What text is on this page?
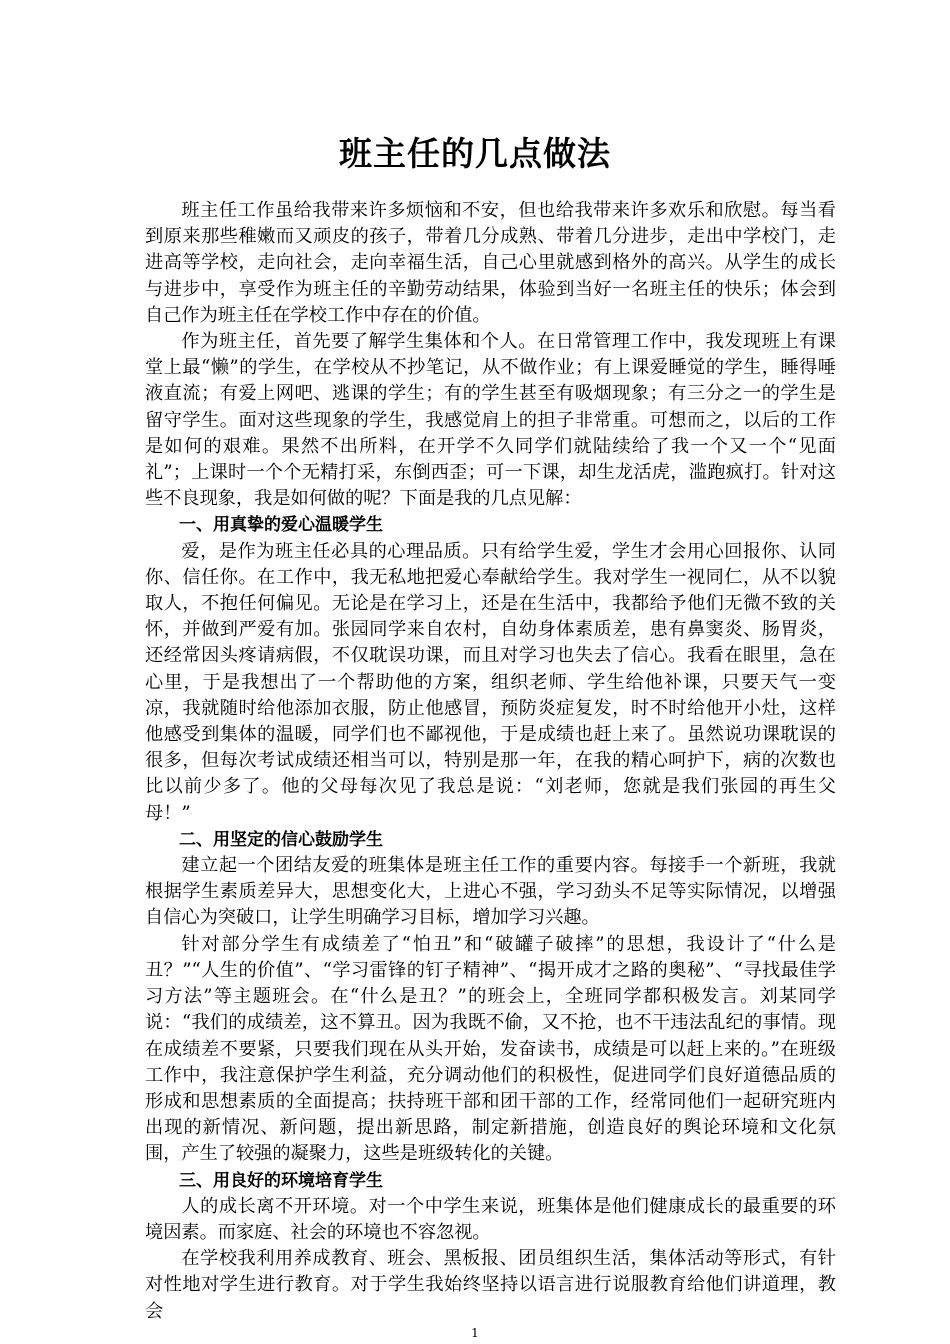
班主任的几点做法

班主任工作虽给我带来许多烦恼和不安，但也给我带来许多欢乐和欣慰。每当看到原来那些稚嫩而又顽皮的孩子，带着几分成熟、带着几分进步，走出中学校门，走进高等学校，走向社会，走向幸福生活，自己心里就感到格外的高兴。从学生的成长与进步中，享受作为班主任的辛勤劳动结果，体验到当好一名班主任的快乐；体会到自己作为班主任在学校工作中存在的价值。

作为班主任，首先要了解学生集体和个人。在日常管理工作中，我发现班上有课堂上最“懒”的学生，在学校从不抄笔记，从不做作业；有上课爱睡觉的学生，睡得唾液直流；有爱上网吧、逃课的学生；有的学生甚至有吸烟现象；有三分之一的学生是留守学生。面对这些现象的学生，我感觉肩上的担子非常重。可想而之，以后的工作是如何的艰难。果然不出所料，在开学不久同学们就陆续给了我一个又一个“见面礼”；上课时一个个无精打采，东倒西歪；可一下课，却生龙活虎，滥跑疯打。针对这些不良现象，我是如何做的呢？下面是我的几点见解：

一、用真挚的爱心温暖学生

爱，是作为班主任必具的心理品质。只有给学生爱，学生才会用心回报你、认同你、信任你。在工作中，我无私地把爱心奉献给学生。我对学生一视同仁，从不以貌取人，不抱任何偏见。无论是在学习上，还是在生活中，我都给予他们无微不致的关怀，并做到严爱有加。张园同学来自农村，自幼身体素质差，患有鼻窦炎、肠胃炎，还经常因头疼请病假，不仅耽误功课，而且对学习也失去了信心。我看在眼里，急在心里，于是我想出了一个帮助他的方案，组织老师、学生给他补课，只要天气一变凉，我就随时给他添加衣服，防止他感冒，预防炎症复发，时不时给他开小灶，这样他感受到集体的温暖，同学们也不鄙视他，于是成绩也赶上来了。虽然说功课耽误的很多，但每次考试成绩还相当可以，特别是那一年，在我的精心呵护下，病的次数也比以前少多了。他的父母每次见了我总是说：“刘老师，您就是我们张园的再生父母！”

二、用坚定的信心鼓励学生

建立起一个团结友爱的班集体是班主任工作的重要内容。每接手一个新班，我就根据学生素质差异大，思想变化大，上进心不强，学习劲头不足等实际情况，以增强自信心为突破口，让学生明确学习目标，增加学习兴趣。

针对部分学生有成绩差了“怕丑”和“破罐子破摔”的思想，我设计了“什么是丑？”“人生的价值”、“学习雷锋的钉子精神”、“揭开成才之路的奥秘”、“寻找最佳学习方法”等主题班会。在“什么是丑？”的班会上，全班同学都积极发言。刘某同学说：“我们的成绩差，这不算丑。因为我既不偷，又不抢，也不干违法乱纪的事情。现在成绩差不要紧，只要我们现在从头开始，发奋读书，成绩是可以赶上来的。”在班级工作中，我注意保护学生利益，充分调动他们的积极性，促进同学们良好道德品质的形成和思想素质的全面提高；扶持班干部和团干部的工作，经常同他们一起研究班内出现的新情况、新问题，提出新思路，制定新措施，创造良好的舆论环境和文化氛围，产生了较强的凝聚力，这些是班级转化的关键。

三、用良好的环境培育学生

人的成长离不开环境。对一个中学生来说，班集体是他们健康成长的最重要的环境因素。而家庭、社会的环境也不容忽视。

在学校我利用养成教育、班会、黑板报、团员组织生活，集体活动等形式，有针对性地对学生进行教育。对于学生我始终坚持以语言进行说服教育给他们讲道理，教会

1
